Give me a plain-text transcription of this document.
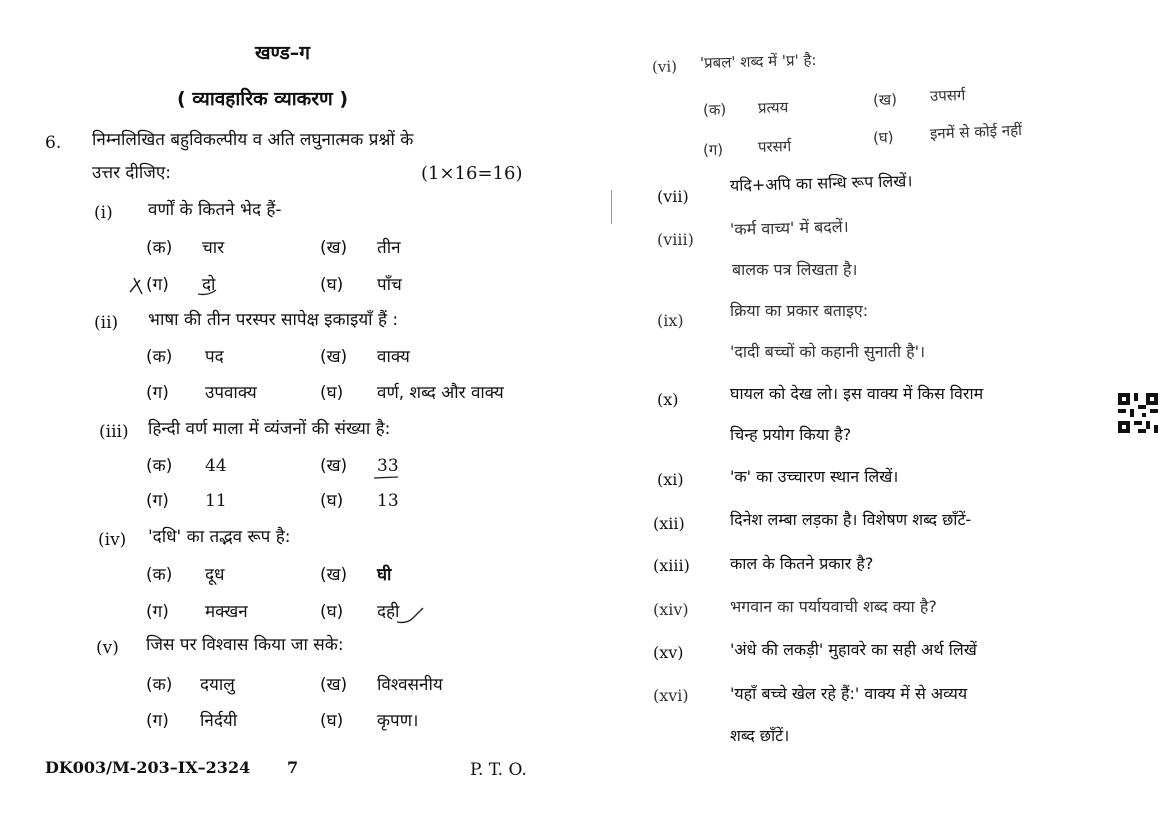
खण्ड–ग
( व्यावहारिक व्याकरण )
6. निम्नलिखित बहुविकल्पीय व अति लघुनात्मक प्रश्नों के
उत्तर दीजिए:	(1×16=16)
(i) वर्णों के कितने भेद हैं-
(क) चार	(ख) तीन
(ग) दो	(घ) पाँच
(ii) भाषा की तीन परस्पर सापेक्ष इकाइयाँ हैं :
(क) पद	(ख) वाक्य
(ग) उपवाक्य	(घ) वर्ण, शब्द और वाक्य
(iii) हिन्दी वर्ण माला में व्यंजनों की संख्या है:
(क) 44	(ख) 33
(ग) 11	(घ) 13
(iv) 'दधि' का तद्भव रूप है:
(क) दूध	(ख) घी
(ग) मक्खन	(घ) दही
(v) जिस पर विश्वास किया जा सके:
(क) दयालु	(ख) विश्वसनीय
(ग) निर्दयी	(घ) कृपण।
DK003/M-203–IX–2324 7	P. T. O.
(vi) 'प्रबल' शब्द में 'प्र' है:
(क) प्रत्यय	(ख) उपसर्ग
(ग) परसर्ग	(घ) इनमें से कोई नहीं
(vii)
यदि+अपि का सन्धि रूप लिखें।
(viii)
'कर्म वाच्य' में बदलें।
बालक पत्र लिखता है।
(ix)
क्रिया का प्रकार बताइए:
'दादी बच्चों को कहानी सुनाती है'।
(x)	घायल को देख लो। इस वाक्य में किस विराम
चिन्ह प्रयोग किया है?
(xi)	'क' का उच्चारण स्थान लिखें।
(xii)	दिनेश लम्बा लड़का है। विशेषण शब्द छाँटें-
(xiii)	काल के कितने प्रकार है?
(xiv)	भगवान का पर्यायवाची शब्द क्या है?
(xv)	'अंधे की लकड़ी' मुहावरे का सही अर्थ लिखें
(xvi)	'यहाँ बच्चे खेल रहे हैं:' वाक्य में से अव्यय
शब्द छाँटें।
